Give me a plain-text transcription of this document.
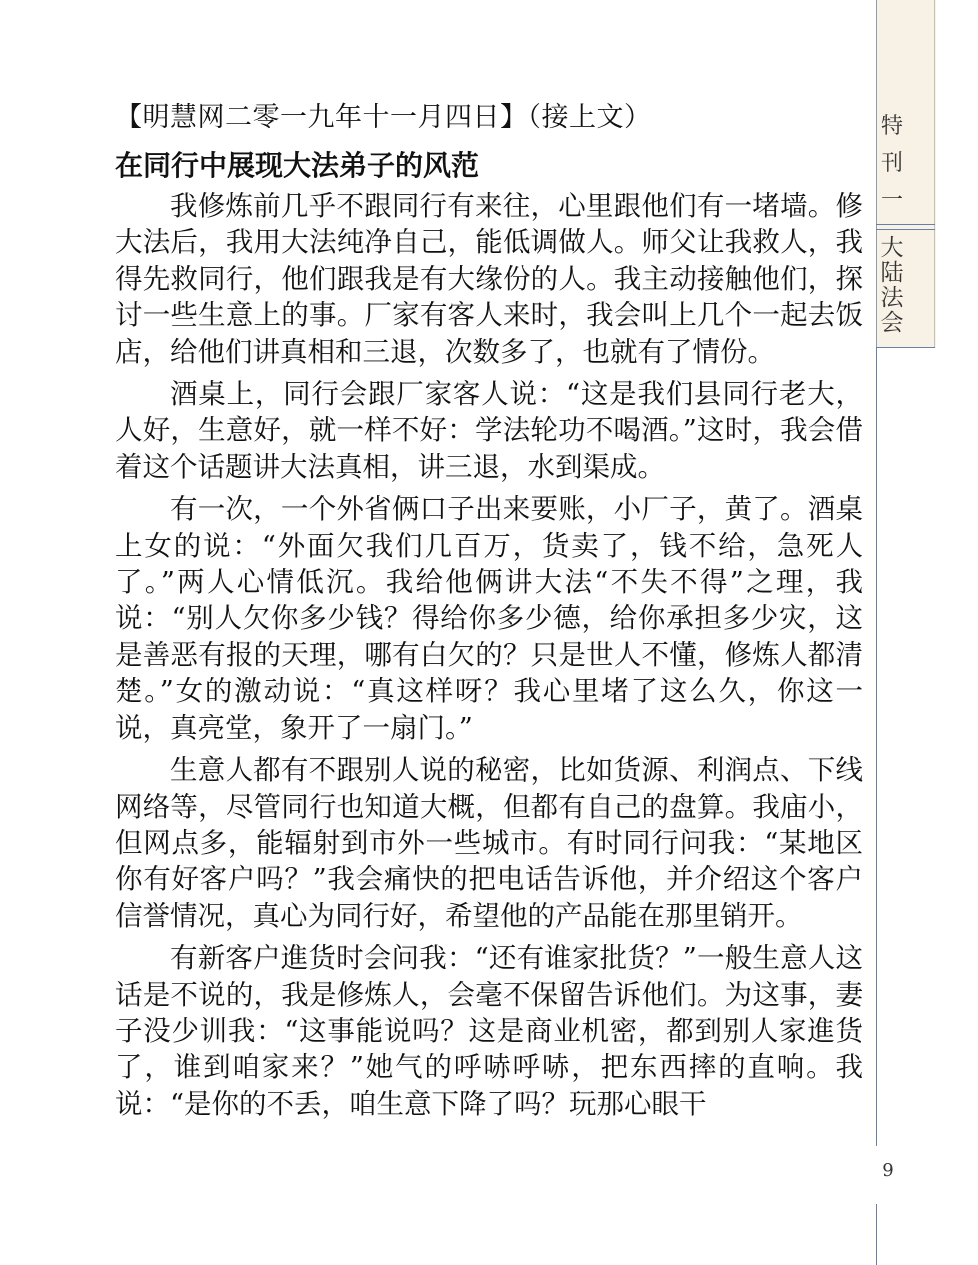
【明慧网二零一九年十一月四日】（接上文）

在同行中展现大法弟子的风范

我修炼前几乎不跟同行有来往，心里跟他们有一堵墙。修大法后，我用大法纯净自己，能低调做人。师父让我救人，我得先救同行，他们跟我是有大缘份的人。我主动接触他们，探讨一些生意上的事。厂家有客人来时，我会叫上几个一起去饭店，给他们讲真相和三退，次数多了，也就有了情份。

酒桌上，同行会跟厂家客人说：“这是我们县同行老大，人好，生意好，就一样不好：学法轮功不喝酒。”这时，我会借着这个话题讲大法真相，讲三退，水到渠成。

有一次，一个外省俩口子出来要账，小厂子，黄了。酒桌上女的说：“外面欠我们几百万，货卖了，钱不给，急死人了。”两人心情低沉。我给他俩讲大法“不失不得”之理，我说：“别人欠你多少钱？得给你多少德，给你承担多少灾，这是善恶有报的天理，哪有白欠的？只是世人不懂，修炼人都清楚。”女的激动说：“真这样呀？我心里堵了这么久，你这一说，真亮堂，象开了一扇门。”

生意人都有不跟别人说的秘密，比如货源、利润点、下线网络等，尽管同行也知道大概，但都有自己的盘算。我庙小，但网点多，能辐射到市外一些城市。有时同行问我：“某地区你有好客户吗？”我会痛快的把电话告诉他，并介绍这个客户信誉情况，真心为同行好，希望他的产品能在那里销开。

有新客户進货时会问我：“还有谁家批货？”一般生意人这话是不说的，我是修炼人，会毫不保留告诉他们。为这事，妻子没少训我：“这事能说吗？这是商业机密，都到别人家進货了，谁到咱家来？”她气的呼哧呼哧，把东西摔的直响。我说：“是你的不丢，咱生意下降了吗？玩那心眼干

特
刊
一
大
陆
法
会
9
